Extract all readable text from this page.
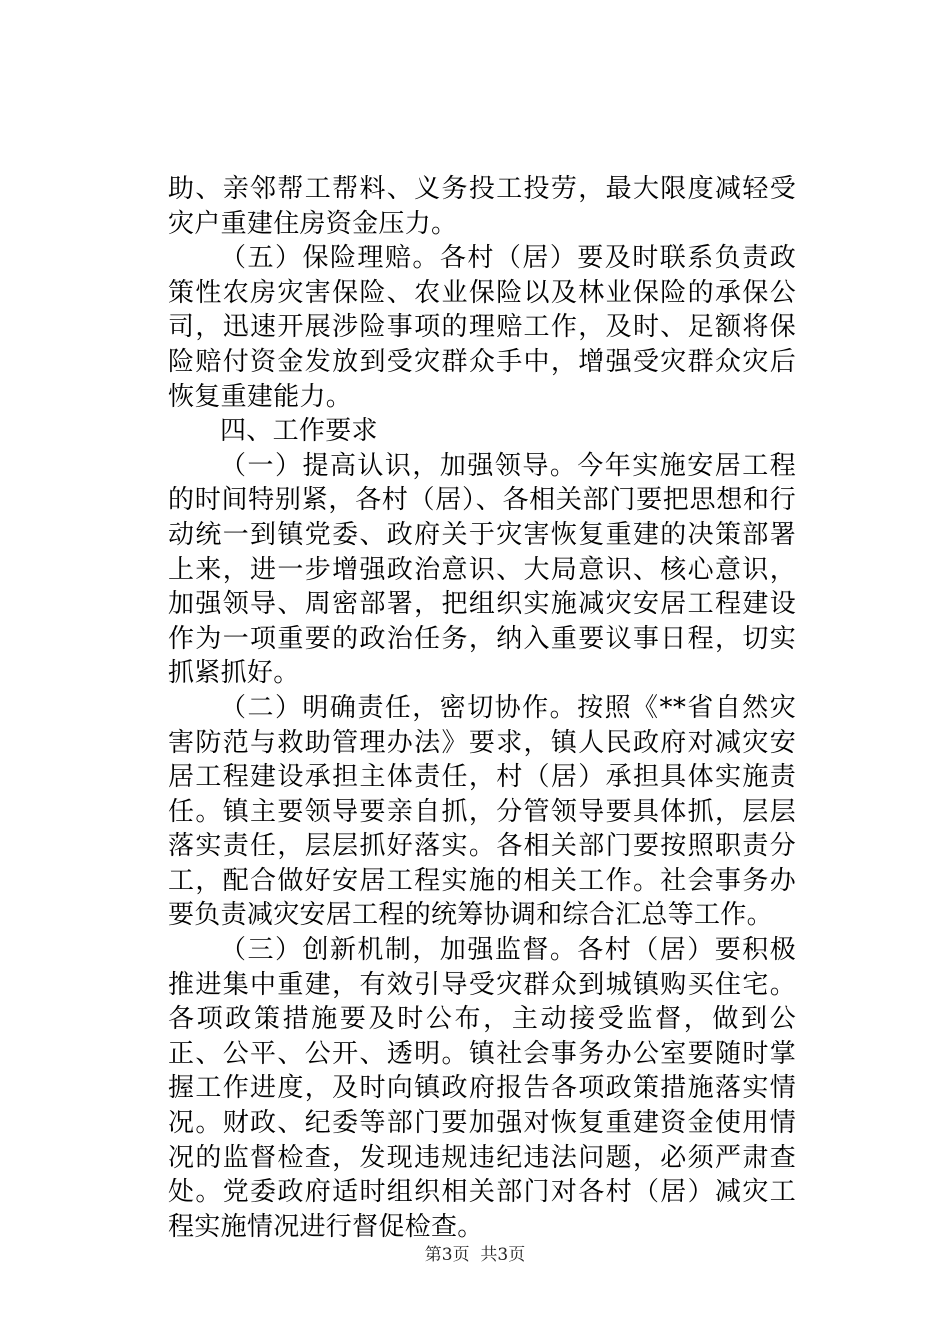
助、亲邻帮工帮料、义务投工投劳，最大限度减轻受灾户重建住房资金压力。

（五）保险理赔。各村（居）要及时联系负责政策性农房灾害保险、农业保险以及林业保险的承保公司，迅速开展涉险事项的理赔工作，及时、足额将保险赔付资金发放到受灾群众手中，增强受灾群众灾后恢复重建能力。

四、工作要求

（一）提高认识，加强领导。今年实施安居工程的时间特别紧，各村（居）、各相关部门要把思想和行动统一到镇党委、政府关于灾害恢复重建的决策部署上来，进一步增强政治意识、大局意识、核心意识，加强领导、周密部署，把组织实施减灾安居工程建设作为一项重要的政治任务，纳入重要议事日程，切实抓紧抓好。

（二）明确责任，密切协作。按照《**省自然灾害防范与救助管理办法》要求，镇人民政府对减灾安居工程建设承担主体责任，村（居）承担具体实施责任。镇主要领导要亲自抓，分管领导要具体抓，层层落实责任，层层抓好落实。各相关部门要按照职责分工，配合做好安居工程实施的相关工作。社会事务办要负责减灾安居工程的统筹协调和综合汇总等工作。

（三）创新机制，加强监督。各村（居）要积极推进集中重建，有效引导受灾群众到城镇购买住宅。各项政策措施要及时公布，主动接受监督，做到公正、公平、公开、透明。镇社会事务办公室要随时掌握工作进度，及时向镇政府报告各项政策措施落实情况。财政、纪委等部门要加强对恢复重建资金使用情况的监督检查，发现违规违纪违法问题，必须严肃查处。党委政府适时组织相关部门对各村（居）减灾工程实施情况进行督促检查。

第3页  共3页
